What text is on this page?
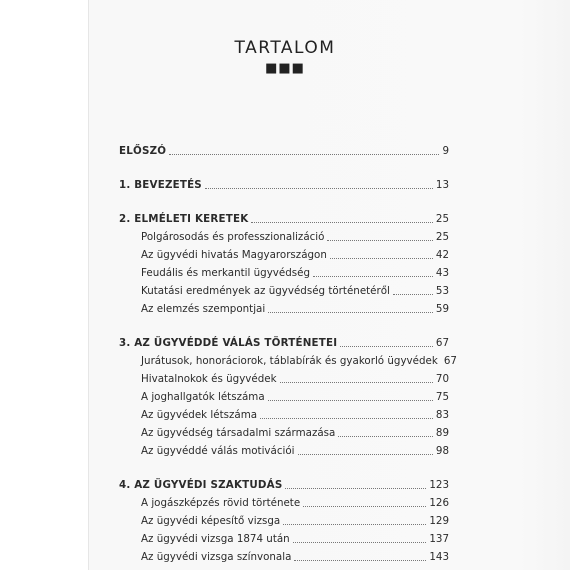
TARTALOM
■■■
ELŐSZÓ	9
1. BEVEZETÉS	13
2. ELMÉLETI KERETEK	25
Polgárosodás és professzionalizáció	25
Az ügyvédi hivatás Magyarországon	42
Feudális és merkantil ügyvédség	43
Kutatási eredmények az ügyvédség történetéről	53
Az elemzés szempontjai	59
3. AZ ÜGYVÉDDÉ VÁLÁS TÖRTÉNETEI	67
Jurátusok, honoráciorok, táblabírák és gyakorló ügyvédek 67
Hivatalnokok és ügyvédek	70
A joghallgatók létszáma	75
Az ügyvédek létszáma	83
Az ügyvédség társadalmi származása	89
Az ügyvéddé válás motivációi	98
4. AZ ÜGYVÉDI SZAKTUDÁS	123
A jogászképzés rövid története	126
Az ügyvédi képesítő vizsga	129
Az ügyvédi vizsga 1874 után	137
Az ügyvédi vizsga színvonala	143
